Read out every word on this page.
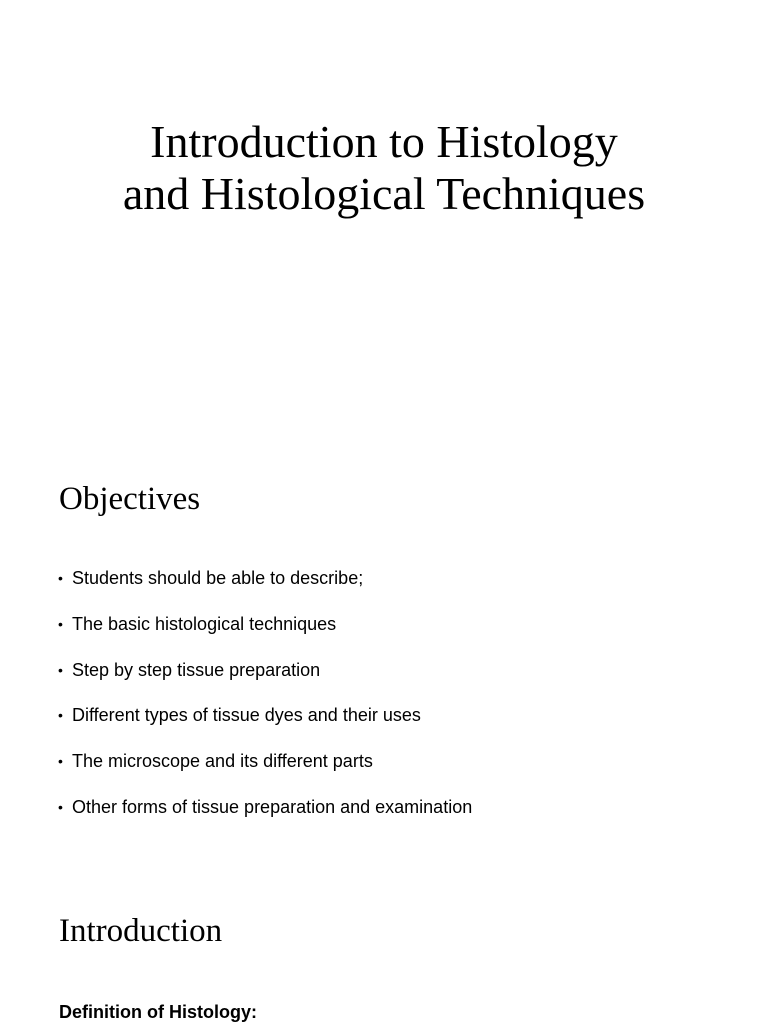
Introduction to Histology
and Histological Techniques
Objectives
• Students should be able to describe;
• The basic histological techniques
• Step by step tissue preparation
• Different types of tissue dyes and their uses
• The microscope and its different parts
• Other forms of tissue preparation and examination
Introduction

Definition of Histology:
